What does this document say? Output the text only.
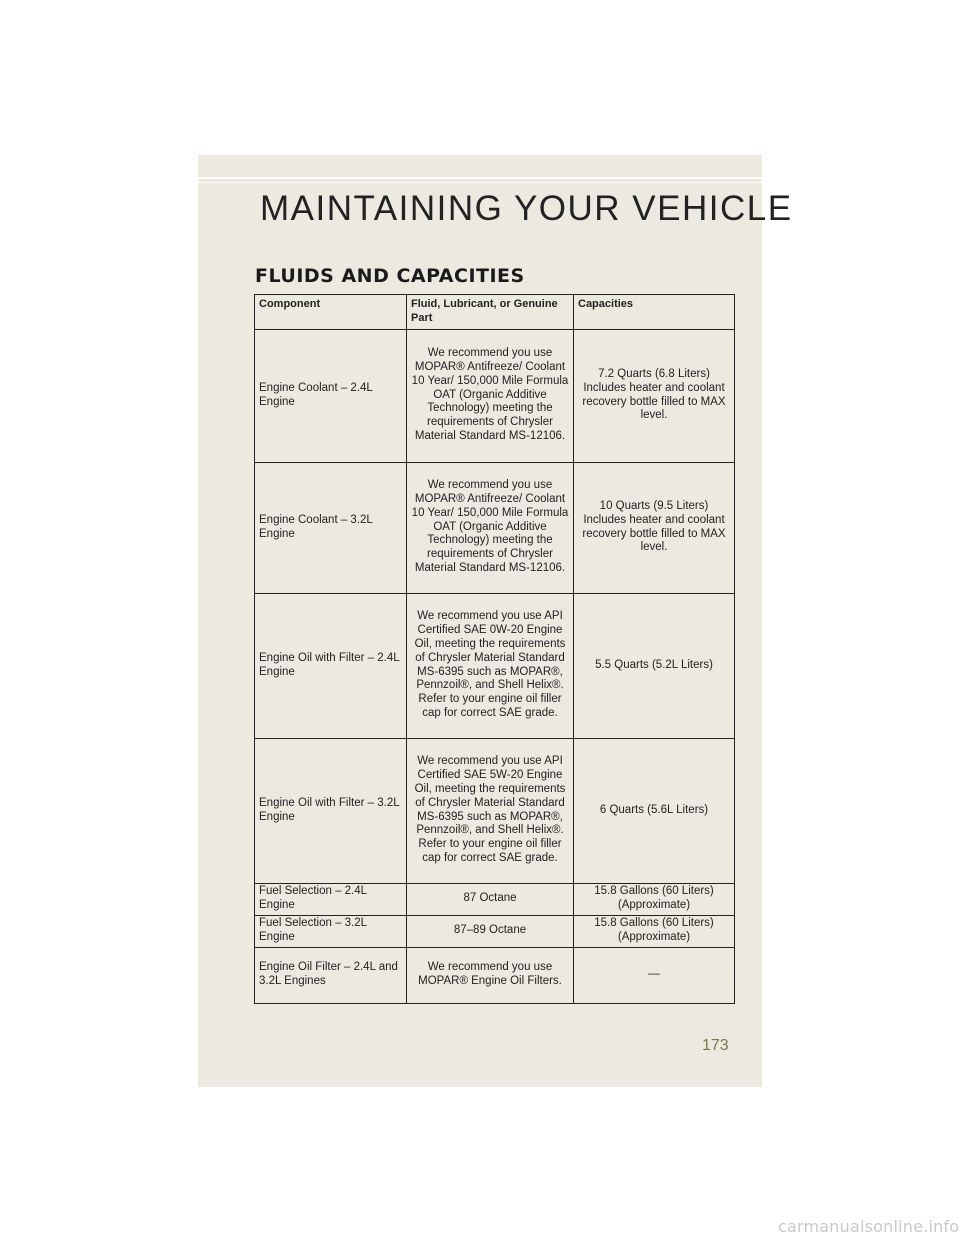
MAINTAINING YOUR VEHICLE
FLUIDS AND CAPACITIES
Component	Fluid, Lubricant, or Genuine Part	Capacities
Engine Coolant – 2.4L Engine	We recommend you use MOPAR® Antifreeze/ Coolant 10 Year/ 150,000 Mile Formula OAT (Organic Additive Technology) meeting the requirements of Chrysler Material Standard MS-12106.	7.2 Quarts (6.8 Liters) Includes heater and coolant recovery bottle filled to MAX level.
Engine Coolant – 3.2L Engine	We recommend you use MOPAR® Antifreeze/ Coolant 10 Year/ 150,000 Mile Formula OAT (Organic Additive Technology) meeting the requirements of Chrysler Material Standard MS-12106.	10 Quarts (9.5 Liters) Includes heater and coolant recovery bottle filled to MAX level.
Engine Oil with Filter – 2.4L Engine	We recommend you use API Certified SAE 0W-20 Engine Oil, meeting the requirements of Chrysler Material Standard MS-6395 such as MOPAR®, Pennzoil®, and Shell Helix®. Refer to your engine oil filler cap for correct SAE grade.	5.5 Quarts (5.2L Liters)
Engine Oil with Filter – 3.2L Engine	We recommend you use API Certified SAE 5W-20 Engine Oil, meeting the requirements of Chrysler Material Standard MS-6395 such as MOPAR®, Pennzoil®, and Shell Helix®. Refer to your engine oil filler cap for correct SAE grade.	6 Quarts (5.6L Liters)
Fuel Selection – 2.4L Engine	87 Octane	15.8 Gallons (60 Liters) (Approximate)
Fuel Selection – 3.2L Engine	87–89 Octane	15.8 Gallons (60 Liters) (Approximate)
Engine Oil Filter – 2.4L and 3.2L Engines	We recommend you use MOPAR® Engine Oil Filters.	—
173
carmanualsonline.info
